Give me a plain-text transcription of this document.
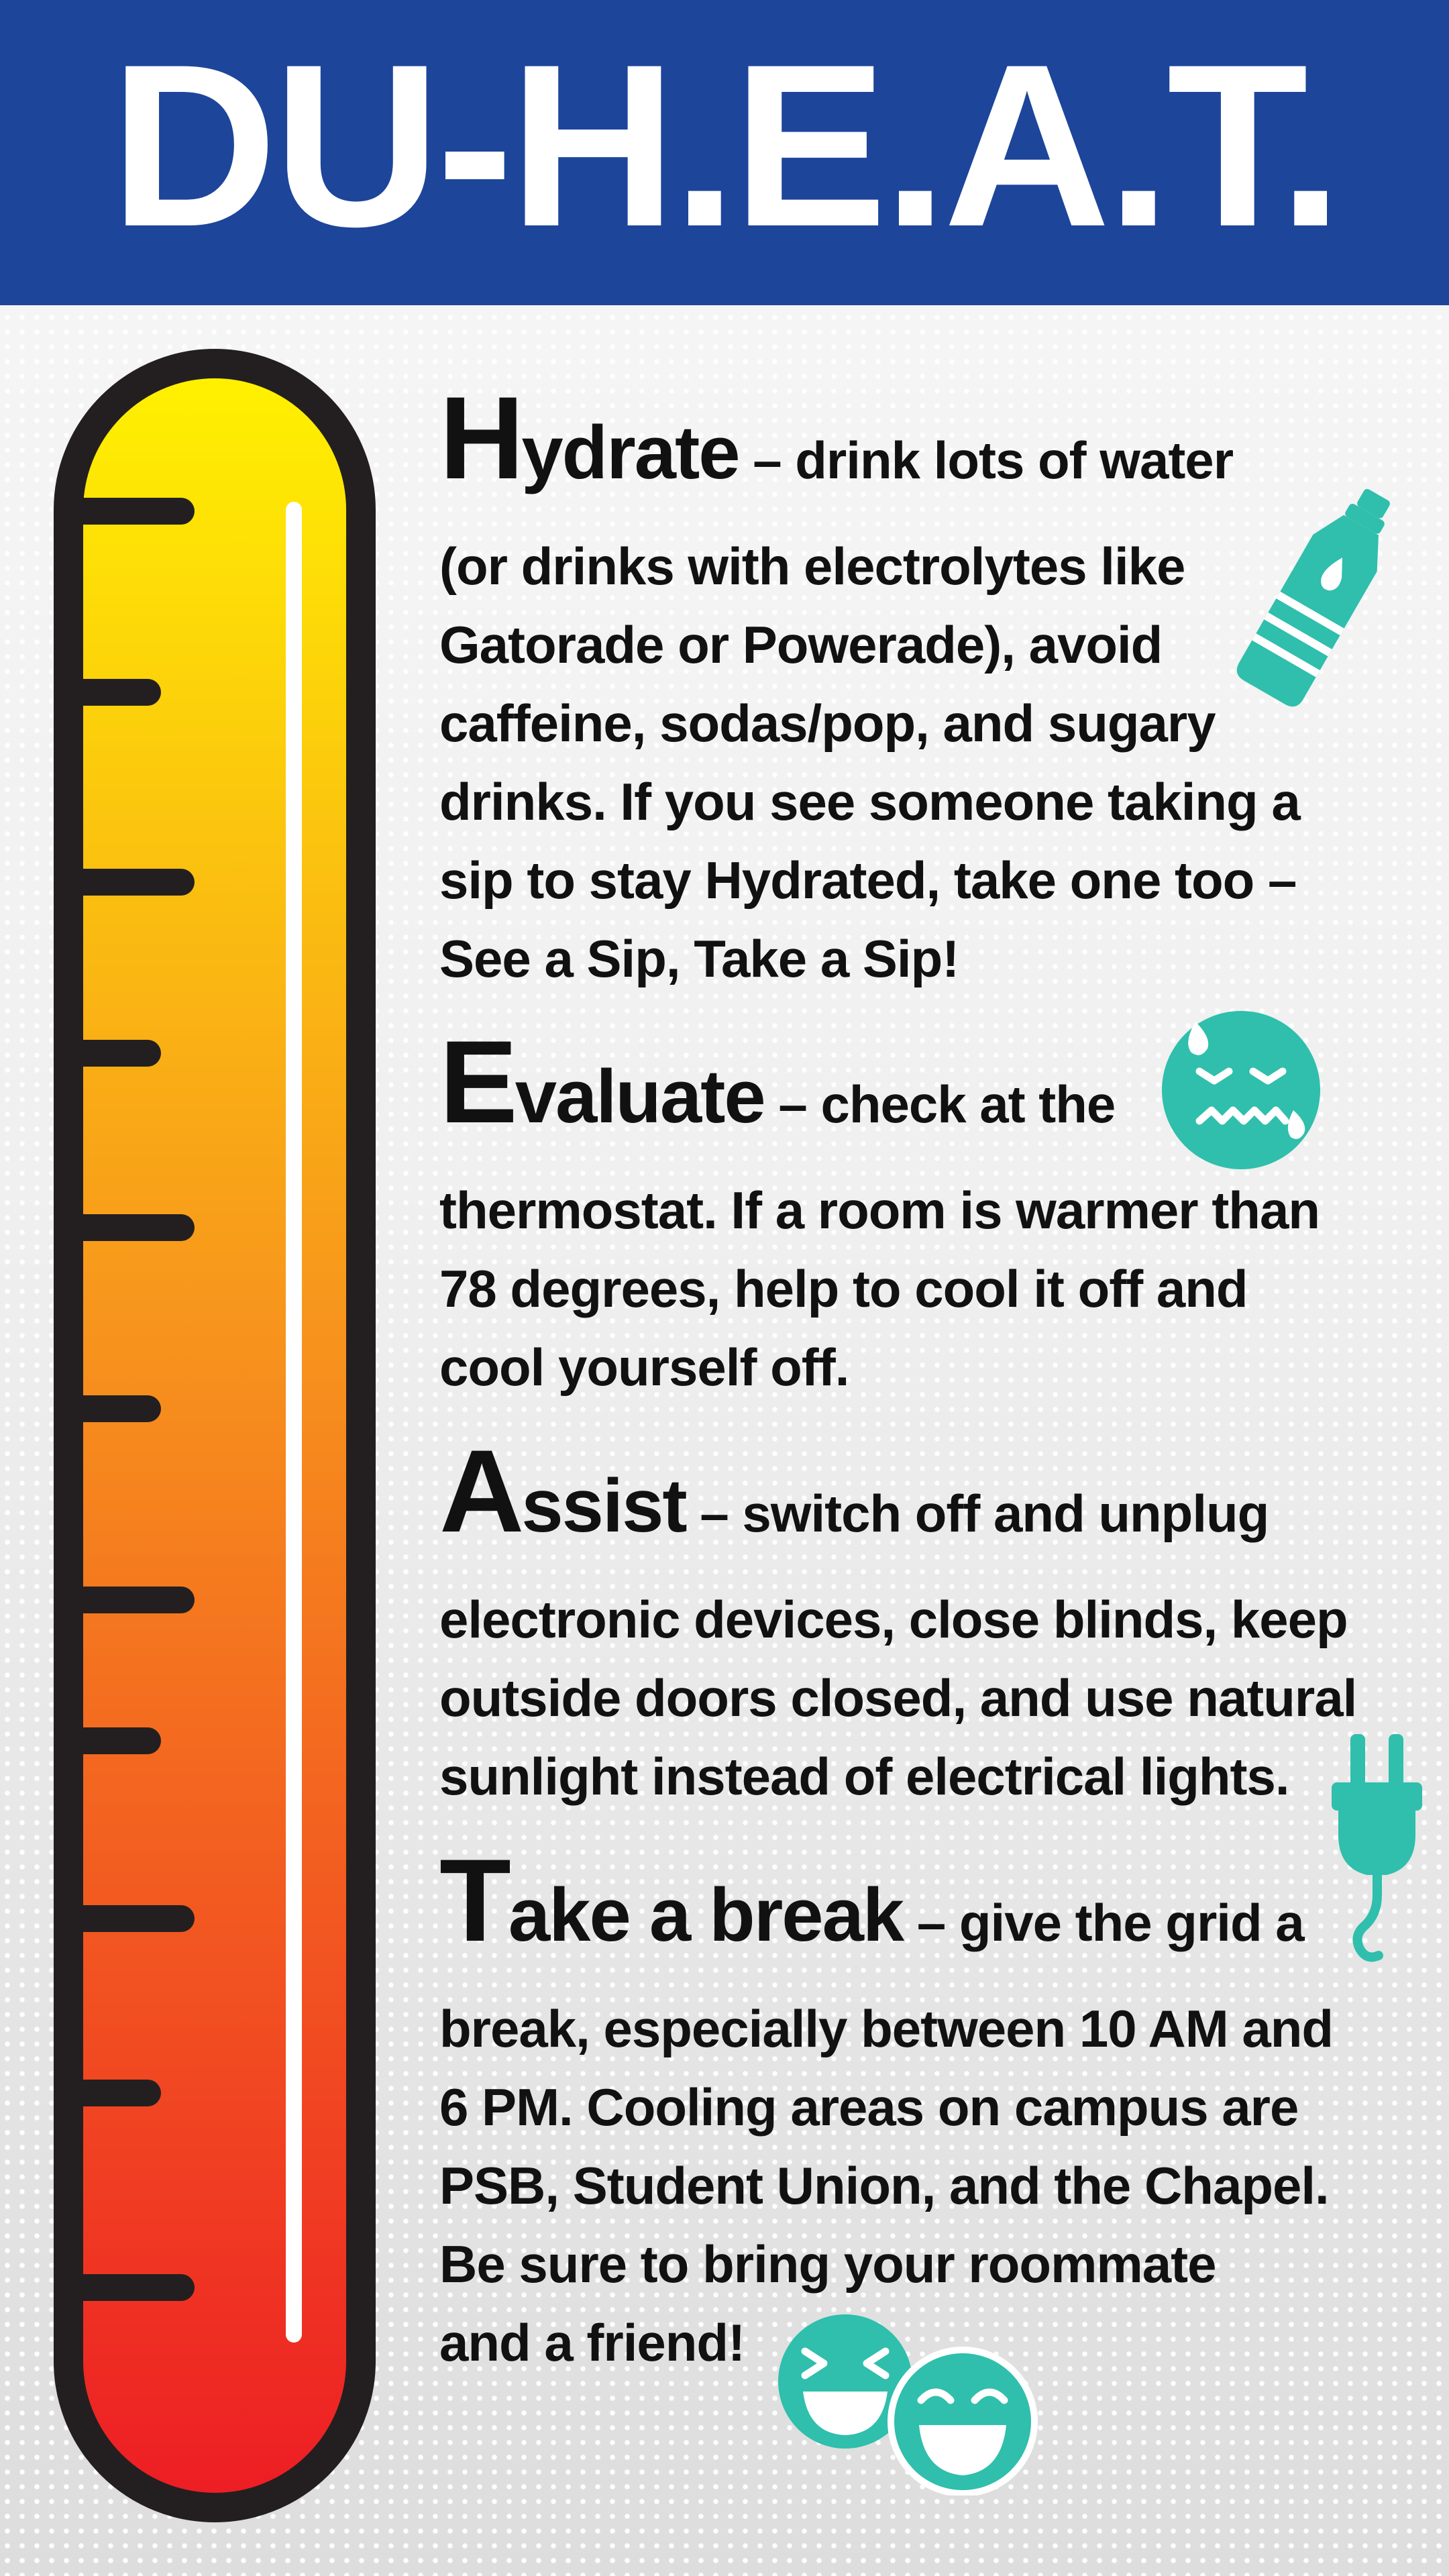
DU-H.E.A.T.
Hydrate – drink lots of water
(or drinks with electrolytes like
Gatorade or Powerade), avoid
caffeine, sodas/pop, and sugary
drinks. If you see someone taking a
sip to stay Hydrated, take one too –
See a Sip, Take a Sip!
Evaluate – check at the
thermostat. If a room is warmer than
78 degrees, help to cool it off and
cool yourself off.
Assist – switch off and unplug
electronic devices, close blinds, keep
outside doors closed, and use natural
sunlight instead of electrical lights.
Take a break – give the grid a
break, especially between 10 AM and
6 PM. Cooling areas on campus are
PSB, Student Union, and the Chapel.
Be sure to bring your roommate
and a friend!
